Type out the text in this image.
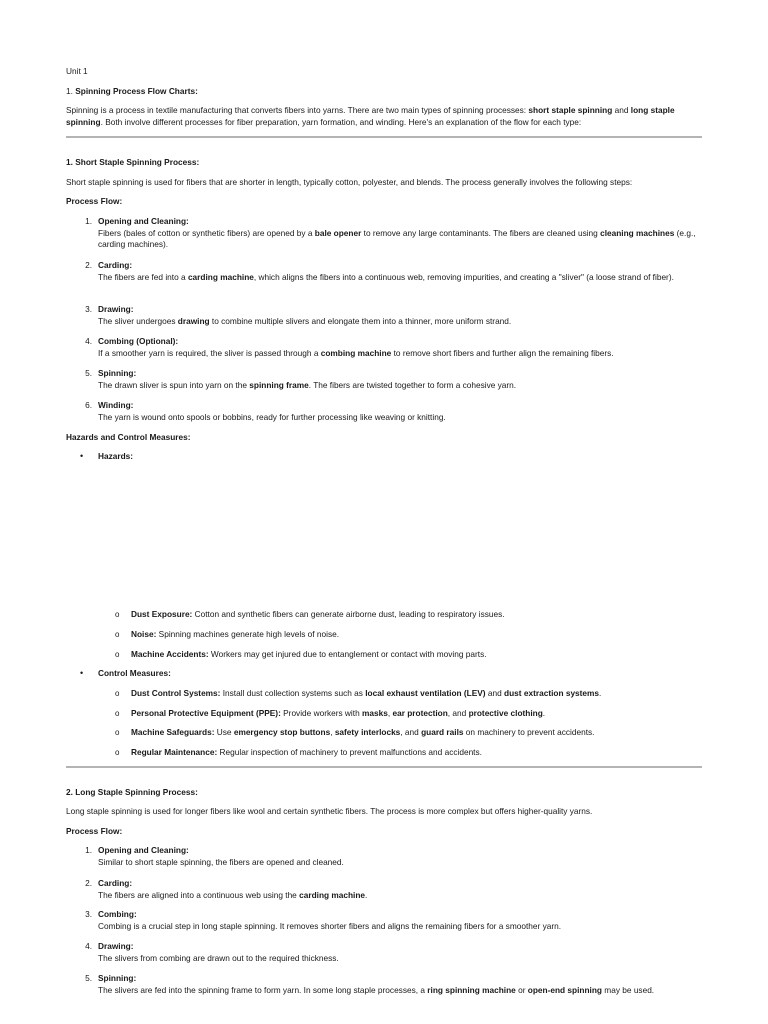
Unit 1
1. Spinning Process Flow Charts:
Spinning is a process in textile manufacturing that converts fibers into yarns. There are two main types of spinning processes: short staple spinning and long staple spinning. Both involve different processes for fiber preparation, yarn formation, and winding. Here's an explanation of the flow for each type:
1. Short Staple Spinning Process:
Short staple spinning is used for fibers that are shorter in length, typically cotton, polyester, and blends. The process generally involves the following steps:
Process Flow:
1. Opening and Cleaning:
Fibers (bales of cotton or synthetic fibers) are opened by a bale opener to remove any large contaminants. The fibers are cleaned using cleaning machines (e.g., carding machines).
2. Carding:
The fibers are fed into a carding machine, which aligns the fibers into a continuous web, removing impurities, and creating a "sliver" (a loose strand of fiber).
3. Drawing:
The sliver undergoes drawing to combine multiple slivers and elongate them into a thinner, more uniform strand.
4. Combing (Optional):
If a smoother yarn is required, the sliver is passed through a combing machine to remove short fibers and further align the remaining fibers.
5. Spinning:
The drawn sliver is spun into yarn on the spinning frame. The fibers are twisted together to form a cohesive yarn.
6. Winding:
The yarn is wound onto spools or bobbins, ready for further processing like weaving or knitting.
Hazards and Control Measures:
• Hazards:
o Dust Exposure: Cotton and synthetic fibers can generate airborne dust, leading to respiratory issues.
o Noise: Spinning machines generate high levels of noise.
o Machine Accidents: Workers may get injured due to entanglement or contact with moving parts.
• Control Measures:
o Dust Control Systems: Install dust collection systems such as local exhaust ventilation (LEV) and dust extraction systems.
o Personal Protective Equipment (PPE): Provide workers with masks, ear protection, and protective clothing.
o Machine Safeguards: Use emergency stop buttons, safety interlocks, and guard rails on machinery to prevent accidents.
o Regular Maintenance: Regular inspection of machinery to prevent malfunctions and accidents.
2. Long Staple Spinning Process:
Long staple spinning is used for longer fibers like wool and certain synthetic fibers. The process is more complex but offers higher-quality yarns.
Process Flow:
1. Opening and Cleaning:
Similar to short staple spinning, the fibers are opened and cleaned.
2. Carding:
The fibers are aligned into a continuous web using the carding machine.
3. Combing:
Combing is a crucial step in long staple spinning. It removes shorter fibers and aligns the remaining fibers for a smoother yarn.
4. Drawing:
The slivers from combing are drawn out to the required thickness.
5. Spinning:
The slivers are fed into the spinning frame to form yarn. In some long staple processes, a ring spinning machine or open-end spinning may be used.
